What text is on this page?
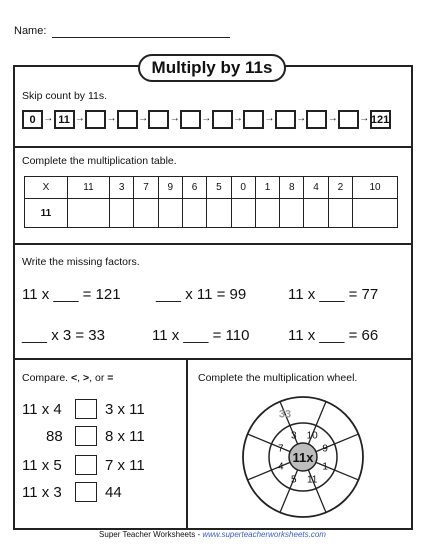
Name:
Multiply by 11s
Skip count by 11s.
0 → 11 → → → → → → → → → → 121
Complete the multiplication table.
X	11	3	7	9	6	5	0	1	8	4	2	10
11												
Write the missing factors.
11 x ___ = 121 ___ x 11 = 99	11 x ___ = 77
___ x 3 = 33	11 x ___ = 110	11 x ___ = 66
Compare. <, >, or =
11 x 4	3 x 11
88	8 x 11
11 x 5	7 x 11
11 x 3	44
Complete the multiplication wheel.
11x
3 10
9
1
11
5
4
7
33
Super Teacher Worksheets - www.superteacherworksheets.com
